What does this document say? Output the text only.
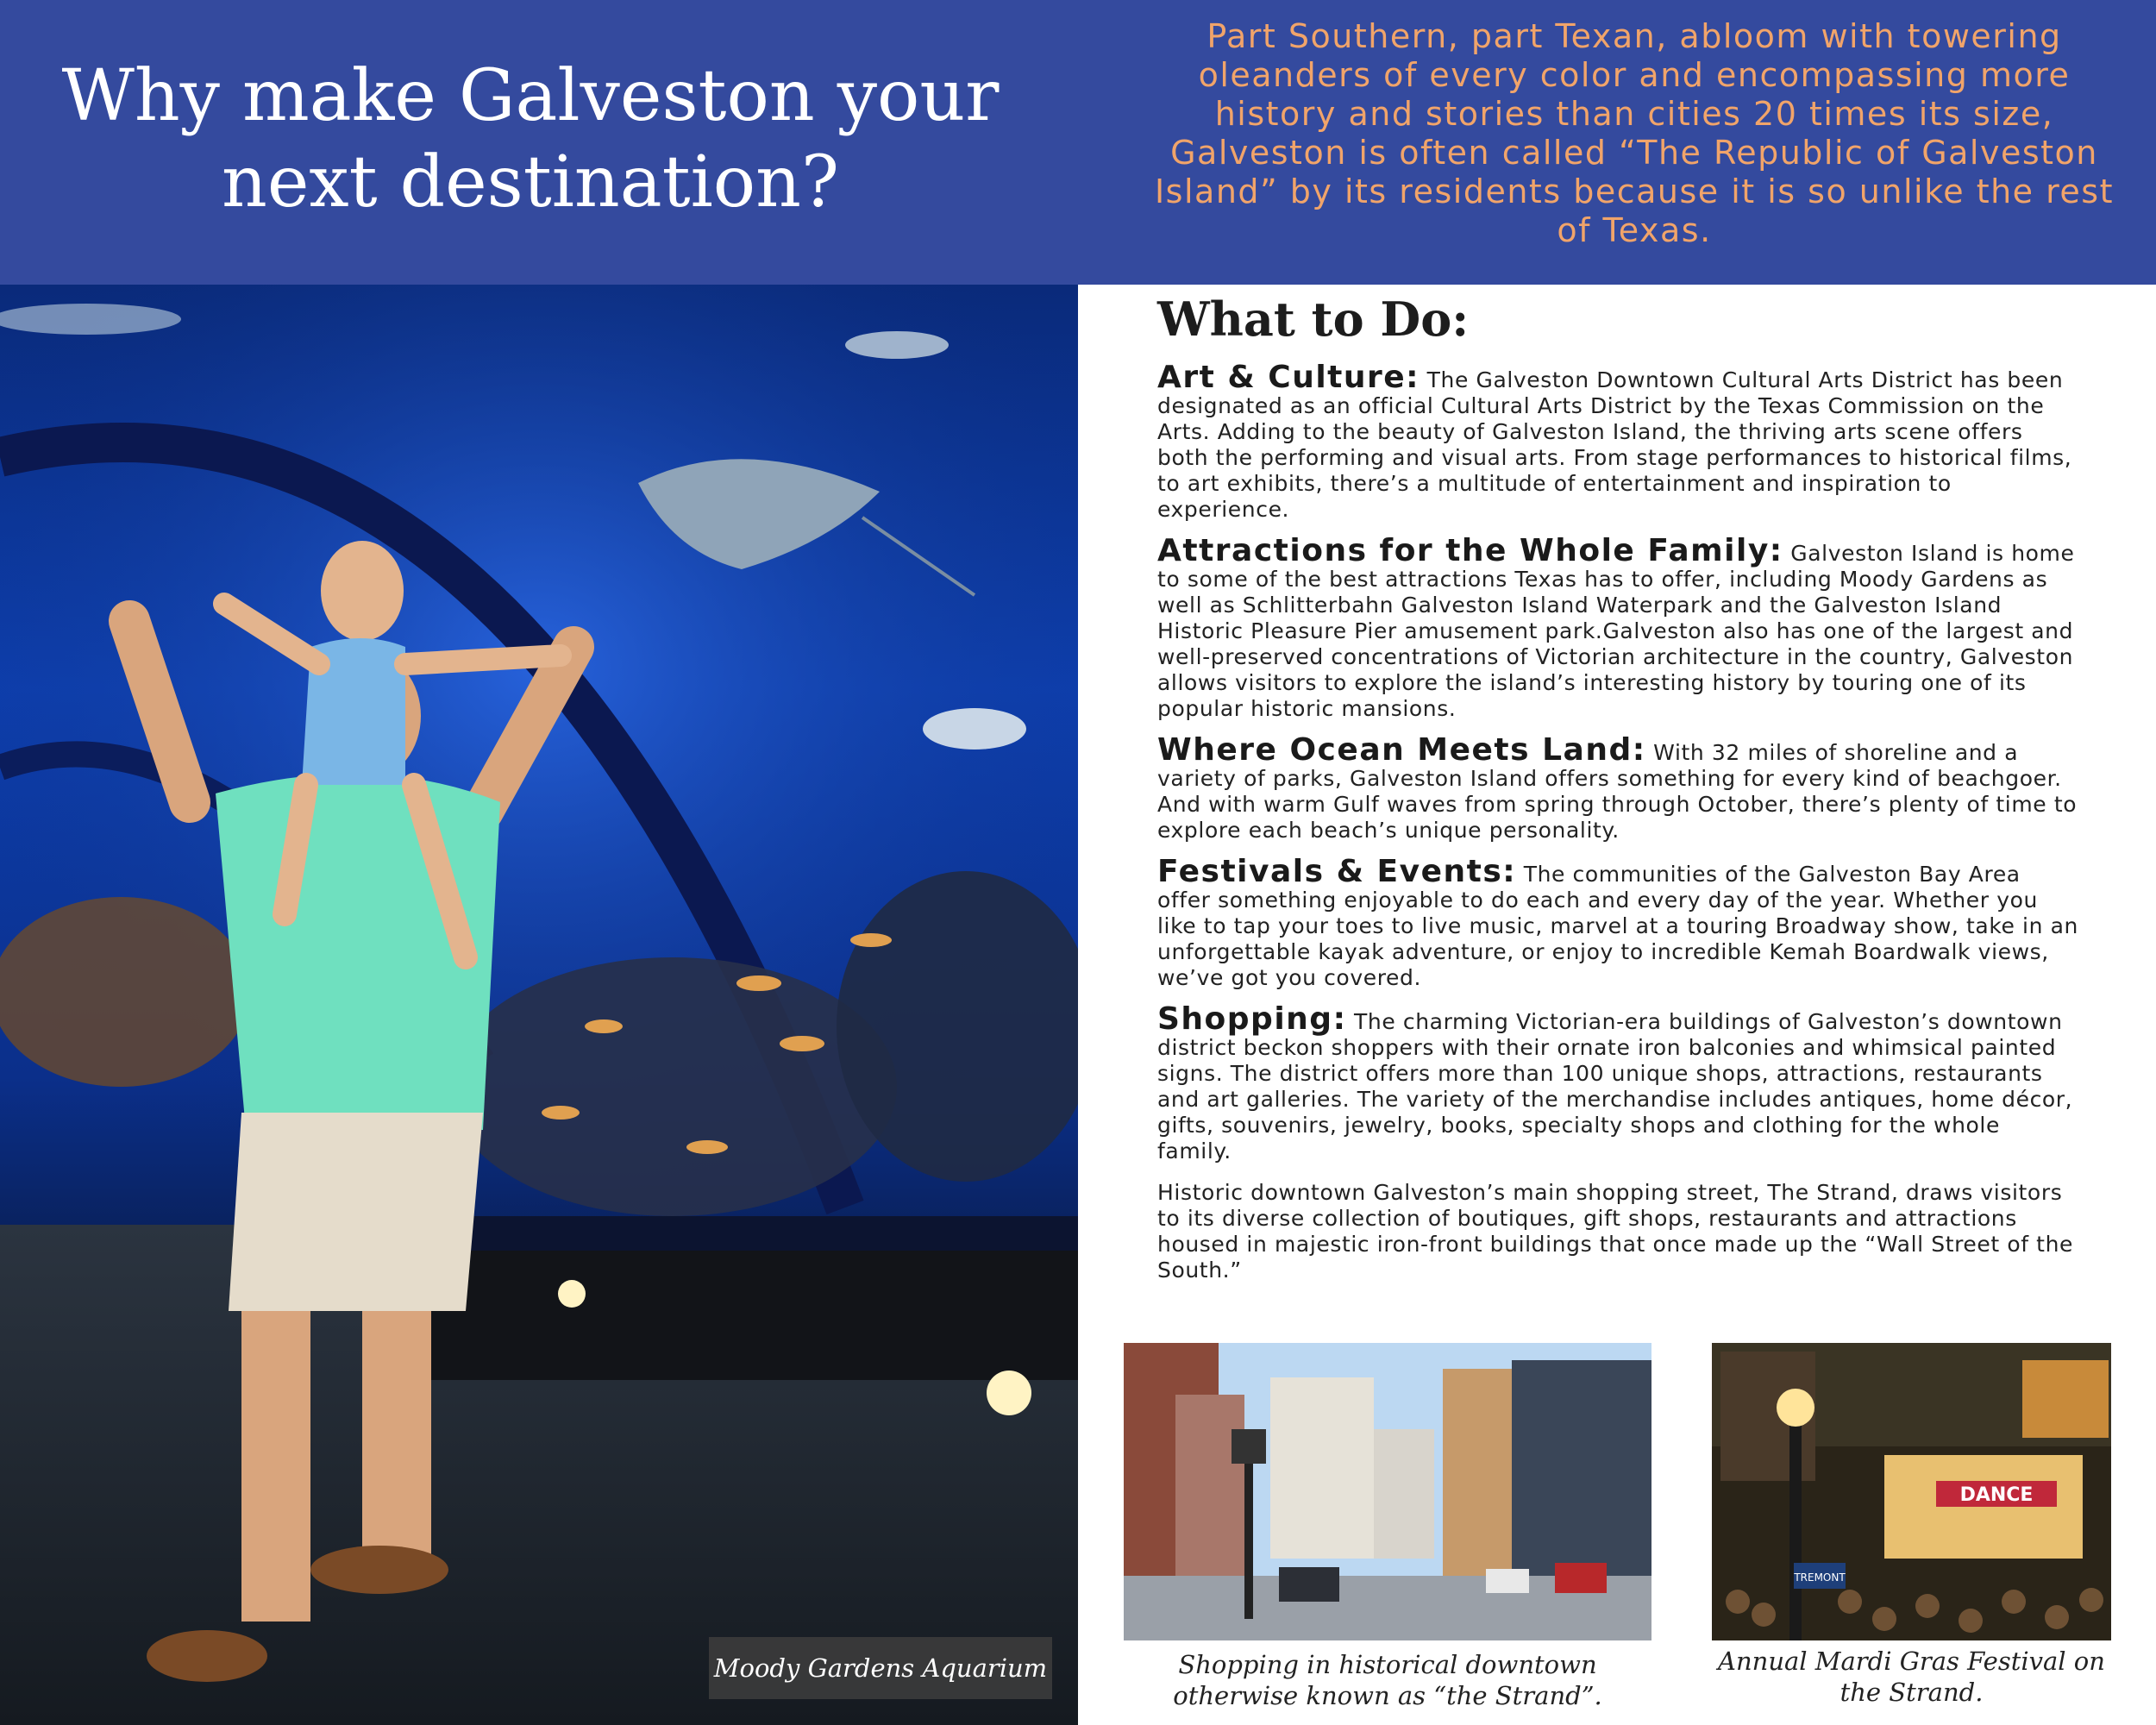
Why make Galveston your next destination?

Part Southern, part Texan, abloom with towering oleanders of every color and encompassing more history and stories than cities 20 times its size, Galveston is often called “The Republic of Galveston Island” by its residents because it is so unlike the rest of Texas.

Moody Gardens Aquarium
What to Do:

Art & Culture: The Galveston Downtown Cultural Arts District has been designated as an official Cultural Arts District by the Texas Commission on the Arts. Adding to the beauty of Galveston Island, the thriving arts scene offers both the performing and visual arts. From stage performances to historical films, to art exhibits, there’s a multitude of entertainment and inspiration to experience.

Attractions for the Whole Family: Galveston Island is home to some of the best attractions Texas has to offer, including Moody Gardens as well as Schlitterbahn Galveston Island Waterpark and the Galveston Island Historic Pleasure Pier amusement park.Galveston also has one of the largest and well-preserved concentrations of Victorian architecture in the country, Galveston allows visitors to explore the island’s interesting history by touring one of its popular historic mansions.

Where Ocean Meets Land: With 32 miles of shoreline and a variety of parks, Galveston Island offers something for every kind of beachgoer. And with warm Gulf waves from spring through October, there’s plenty of time to explore each beach’s unique personality.

Festivals & Events: The communities of the Galveston Bay Area offer something enjoyable to do each and every day of the year. Whether you like to tap your toes to live music, marvel at a touring Broadway show, take in an unforgettable kayak adventure, or enjoy to incredible Kemah Boardwalk views, we’ve got you covered.

Shopping: The charming Victorian-era buildings of Galveston’s downtown district beckon shoppers with their ornate iron balconies and whimsical painted signs. The district offers more than 100 unique shops, attractions, restaurants and art galleries. The variety of the merchandise includes antiques, home décor, gifts, souvenirs, jewelry, books, specialty shops and clothing for the whole family.

Historic downtown Galveston’s main shopping street, The Strand, draws visitors to its diverse collection of boutiques, gift shops, restaurants and attractions housed in majestic iron-front buildings that once made up the “Wall Street of the South.”

Shopping in historical downtown otherwise known as “the Strand”.

DANCE
TREMONT

Annual Mardi Gras Festival on the Strand.
